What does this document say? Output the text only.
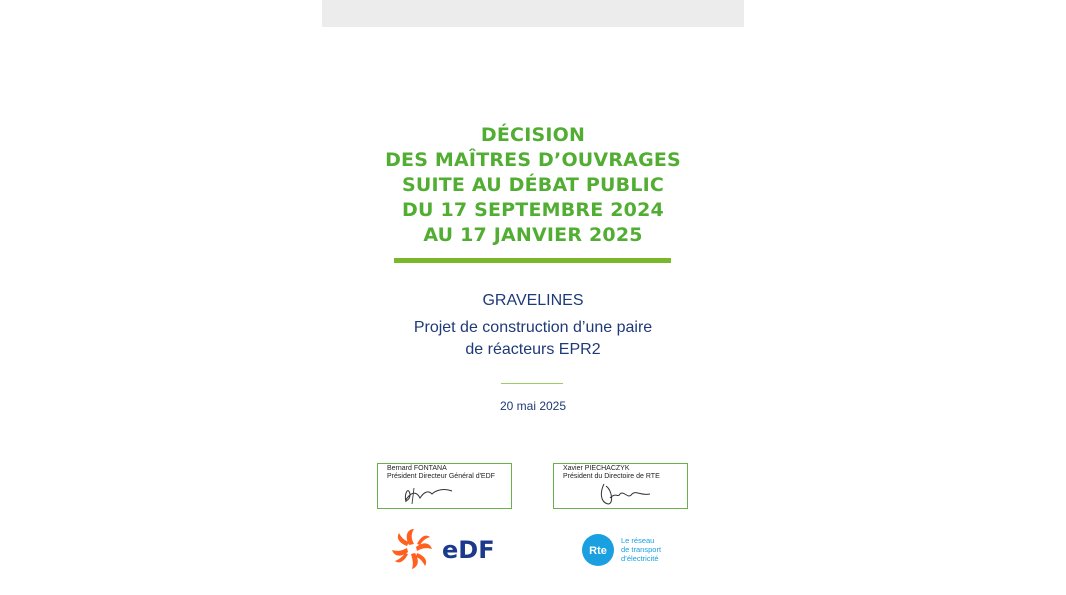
DÉCISION
DES MAÎTRES D’OUVRAGES
SUITE AU DÉBAT PUBLIC
DU 17 SEPTEMBRE 2024
AU 17 JANVIER 2025
GRAVELINES
Projet de construction d’une paire
de réacteurs EPR2
20 mai 2025
Bernard FONTANA
Président Directeur Général d'EDF
Xavier PIECHACZYK
Président du Directoire de RTE
eDF	Rte
Le réseau
de transport
d’électricité
